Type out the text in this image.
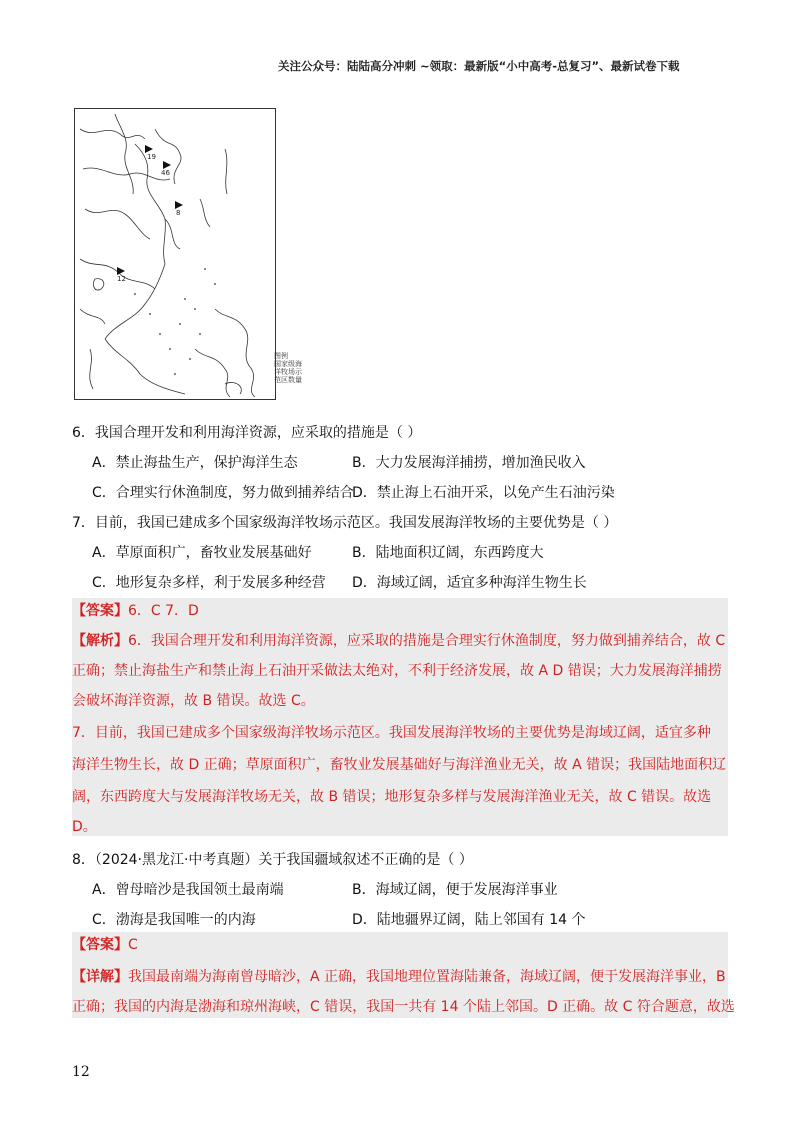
关注公众号：陆陆高分冲刺 ~领取：最新版“小中高考-总复习”、最新试卷下载
19
46
8
12
图例
国家级海
洋牧场示
范区数量
6．我国合理开发和利用海洋资源，应采取的措施是（ ）
A．禁止海盐生产，保护海洋生态	B．大力发展海洋捕捞，增加渔民收入
C．合理实行休渔制度，努力做到捕养结合
D．禁止海上石油开采，以免产生石油污染
7．目前，我国已建成多个国家级海洋牧场示范区。我国发展海洋牧场的主要优势是（ ）
A．草原面积广，畜牧业发展基础好	B．陆地面积辽阔，东西跨度大
C．地形复杂多样，利于发展多种经营 D．海域辽阔，适宜多种海洋生物生长
【答案】6．C 7．D
【解析】6．我国合理开发和利用海洋资源，应采取的措施是合理实行休渔制度，努力做到捕养结合，故 C
正确；禁止海盐生产和禁止海上石油开采做法太绝对，不利于经济发展，故 A D 错误；大力发展海洋捕捞
会破坏海洋资源，故 B 错误。故选 C。
7．目前，我国已建成多个国家级海洋牧场示范区。我国发展海洋牧场的主要优势是海域辽阔，适宜多种
海洋生物生长，故 D 正确；草原面积广，畜牧业发展基础好与海洋渔业无关，故 A 错误；我国陆地面积辽
阔，东西跨度大与发展海洋牧场无关，故 B 错误；地形复杂多样与发展海洋渔业无关，故 C 错误。故选
D。
8．（2024·黑龙江·中考真题）关于我国疆域叙述不正确的是（ ）
A．曾母暗沙是我国领土最南端	B．海域辽阔，便于发展海洋事业
C．渤海是我国唯一的内海	D．陆地疆界辽阔，陆上邻国有 14 个
【答案】C
【详解】我国最南端为海南曾母暗沙，A 正确，我国地理位置海陆兼备，海域辽阔，便于发展海洋事业，B
正确；我国的内海是渤海和琼州海峡，C 错误，我国一共有 14 个陆上邻国。D 正确。故 C 符合题意，故选
12
